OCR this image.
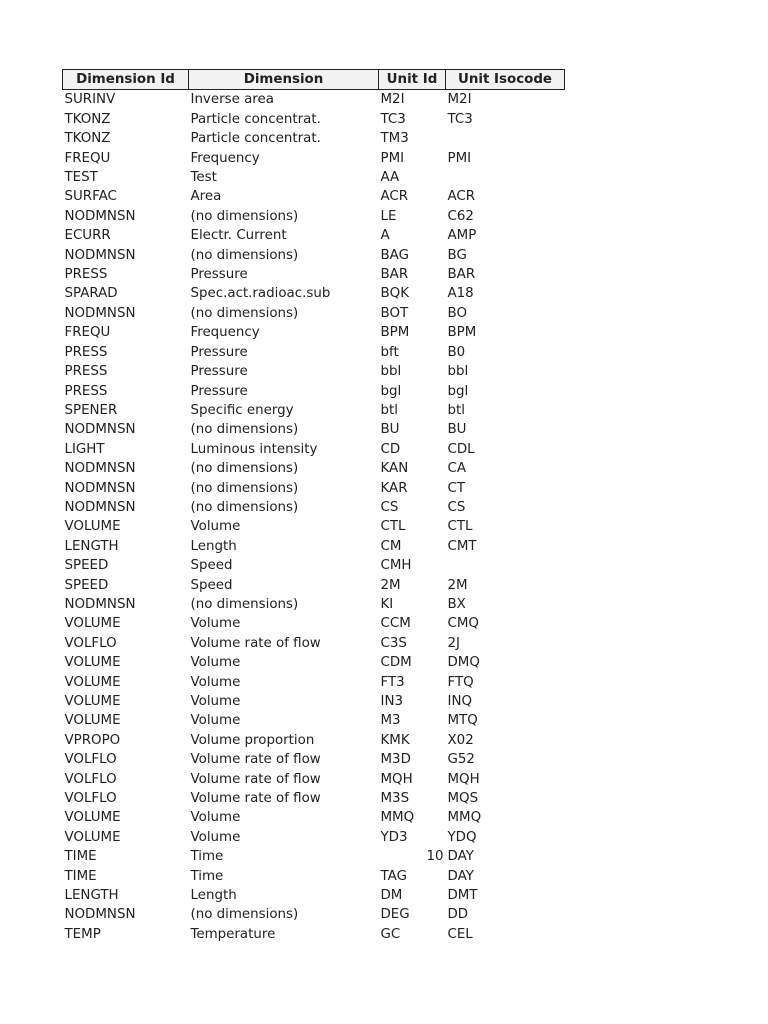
Dimension Id	Dimension	Unit Id	Unit Isocode
SURINV	Inverse area	M2I	M2I
TKONZ	Particle concentrat.	TC3	TC3
TKONZ	Particle concentrat.	TM3	
FREQU	Frequency	PMI	PMI
TEST	Test	AA	
SURFAC	Area	ACR	ACR
NODMNSN	(no dimensions)	LE	C62
ECURR	Electr. Current	A	AMP
NODMNSN	(no dimensions)	BAG	BG
PRESS	Pressure	BAR	BAR
SPARAD	Spec.act.radioac.sub	BQK	A18
NODMNSN	(no dimensions)	BOT	BO
FREQU	Frequency	BPM	BPM
PRESS	Pressure	bft	B0
PRESS	Pressure	bbl	bbl
PRESS	Pressure	bgl	bgl
SPENER	Specific energy	btl	btl
NODMNSN	(no dimensions)	BU	BU
LIGHT	Luminous intensity	CD	CDL
NODMNSN	(no dimensions)	KAN	CA
NODMNSN	(no dimensions)	KAR	CT
NODMNSN	(no dimensions)	CS	CS
VOLUME	Volume	CTL	CTL
LENGTH	Length	CM	CMT
SPEED	Speed	CMH	
SPEED	Speed	2M	2M
NODMNSN	(no dimensions)	KI	BX
VOLUME	Volume	CCM	CMQ
VOLFLO	Volume rate of flow	C3S	2J
VOLUME	Volume	CDM	DMQ
VOLUME	Volume	FT3	FTQ
VOLUME	Volume	IN3	INQ
VOLUME	Volume	M3	MTQ
VPROPO	Volume proportion	KMK	X02
VOLFLO	Volume rate of flow	M3D	G52
VOLFLO	Volume rate of flow	MQH	MQH
VOLFLO	Volume rate of flow	M3S	MQS
VOLUME	Volume	MMQ	MMQ
VOLUME	Volume	YD3	YDQ
TIME	Time	10	DAY
TIME	Time	TAG	DAY
LENGTH	Length	DM	DMT
NODMNSN	(no dimensions)	DEG	DD
TEMP	Temperature	GC	CEL
